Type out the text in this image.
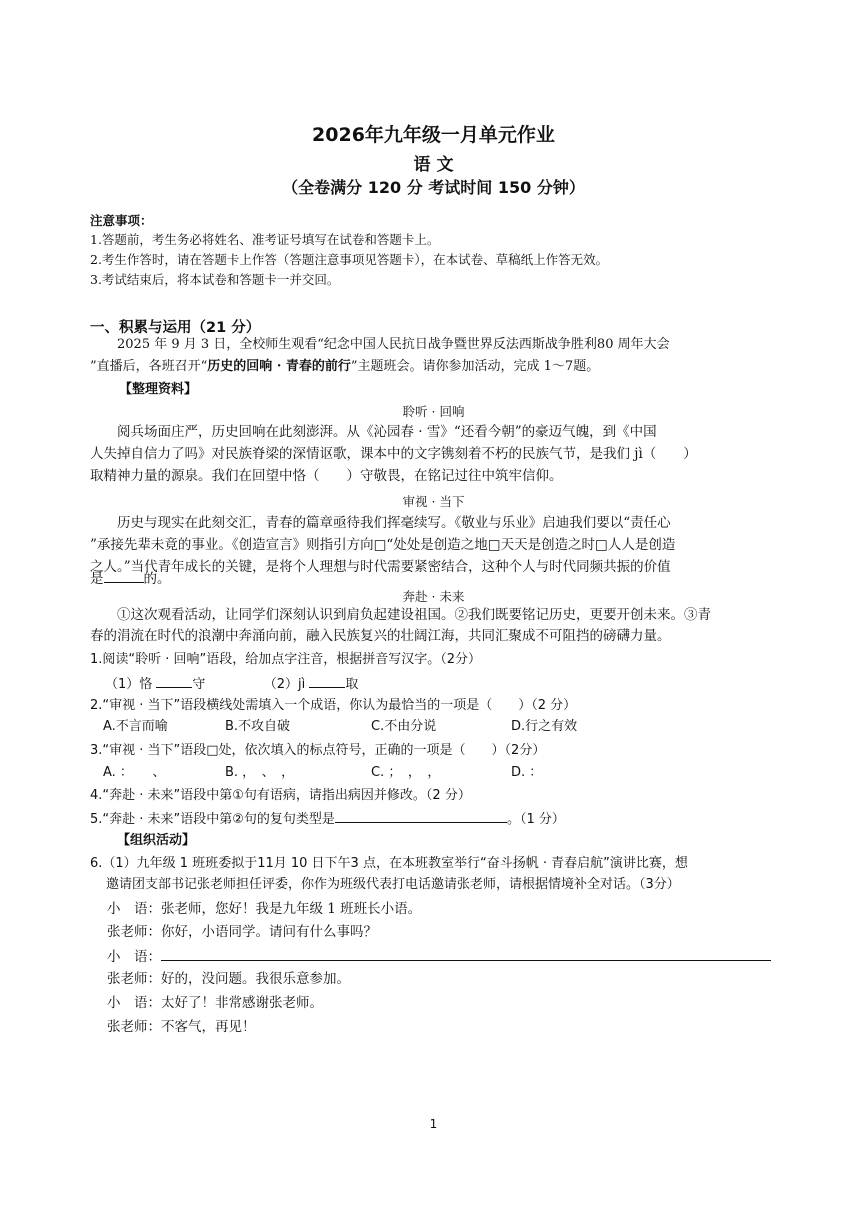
2026年九年级一月单元作业
语 文
（全卷满分 120 分 考试时间 150 分钟）
注意事项：
1.答题前，考生务必将姓名、准考证号填写在试卷和答题卡上。
2.考生作答时，请在答题卡上作答（答题注意事项见答题卡），在本试卷、草稿纸上作答无效。
3.考试结束后，将本试卷和答题卡一并交回。
一、积累与运用（21 分）
2025 年 9 月 3 日，全校师生观看“纪念中国人民抗日战争暨世界反法西斯战争胜利80 周年大会
”直播后，各班召开“历史的回响 · 青春的前行”主题班会。请你参加活动，完成 1～7题。
【整理资料】
聆听 · 回响
阅兵场面庄严，历史回响在此刻澎湃。从《沁园春 · 雪》“还看今朝”的豪迈气魄，到《中国
人失掉自信力了吗》对民族脊梁的深情讴歌，课本中的文字镌刻着不朽的民族气节，是我们 jì（　　）
取精神力量的源泉。我们在回望中恪（　　）守敬畏，在铭记过往中筑牢信仰。
审视 · 当下
历史与现实在此刻交汇，青春的篇章亟待我们挥毫续写。《敬业与乐业》启迪我们要以“责任心
”承接先辈未竟的事业。《创造宣言》则指引方向□“处处是创造之地□天天是创造之时□人人是创造
之人。”当代青年成长的关键，是将个人理想与时代需要紧密结合，这种个人与时代同频共振的价值
是	的。
奔赴 · 未来
①这次观看活动，让同学们深刻认识到肩负起建设祖国。②我们既要铭记历史，更要开创未来。③青
春的涓流在时代的浪潮中奔涌向前，融入民族复兴的壮阔江海，共同汇聚成不可阻挡的磅礴力量。
1.阅读“聆听 · 回响”语段，给加点字注音，根据拼音写汉字。（2分）
（1）恪	守	（2）jì	取
2.“审视 · 当下”语段横线处需填入一个成语，你认为最恰当的一项是（　　）（2 分）
A.不言而喻	B.不攻自破	C.不由分说	D.行之有效
3.“审视 · 当下”语段□处，依次填入的标点符号，正确的一项是（　　）（2分）
A. ：　　、	B. ，　、　，	C. ；　，　，	D. ：　　　
4.“奔赴 · 未来”语段中第①句有语病，请指出病因并修改。（2 分）
5.“奔赴 · 未来”语段中第②句的复句类型是	。（1 分）
【组织活动】
6.（1）九年级 1 班班委拟于11月 10 日下午3 点，在本班教室举行“奋斗扬帆 · 青春启航”演讲比赛，想
邀请团支部书记张老师担任评委，你作为班级代表打电话邀请张老师，请根据情境补全对话。（3分）
小　语：张老师，您好！我是九年级 1 班班长小语。
张老师：你好，小语同学。请问有什么事吗？
小　语：
张老师：好的，没问题。我很乐意参加。
小　语：太好了！非常感谢张老师。
张老师：不客气，再见！
1
